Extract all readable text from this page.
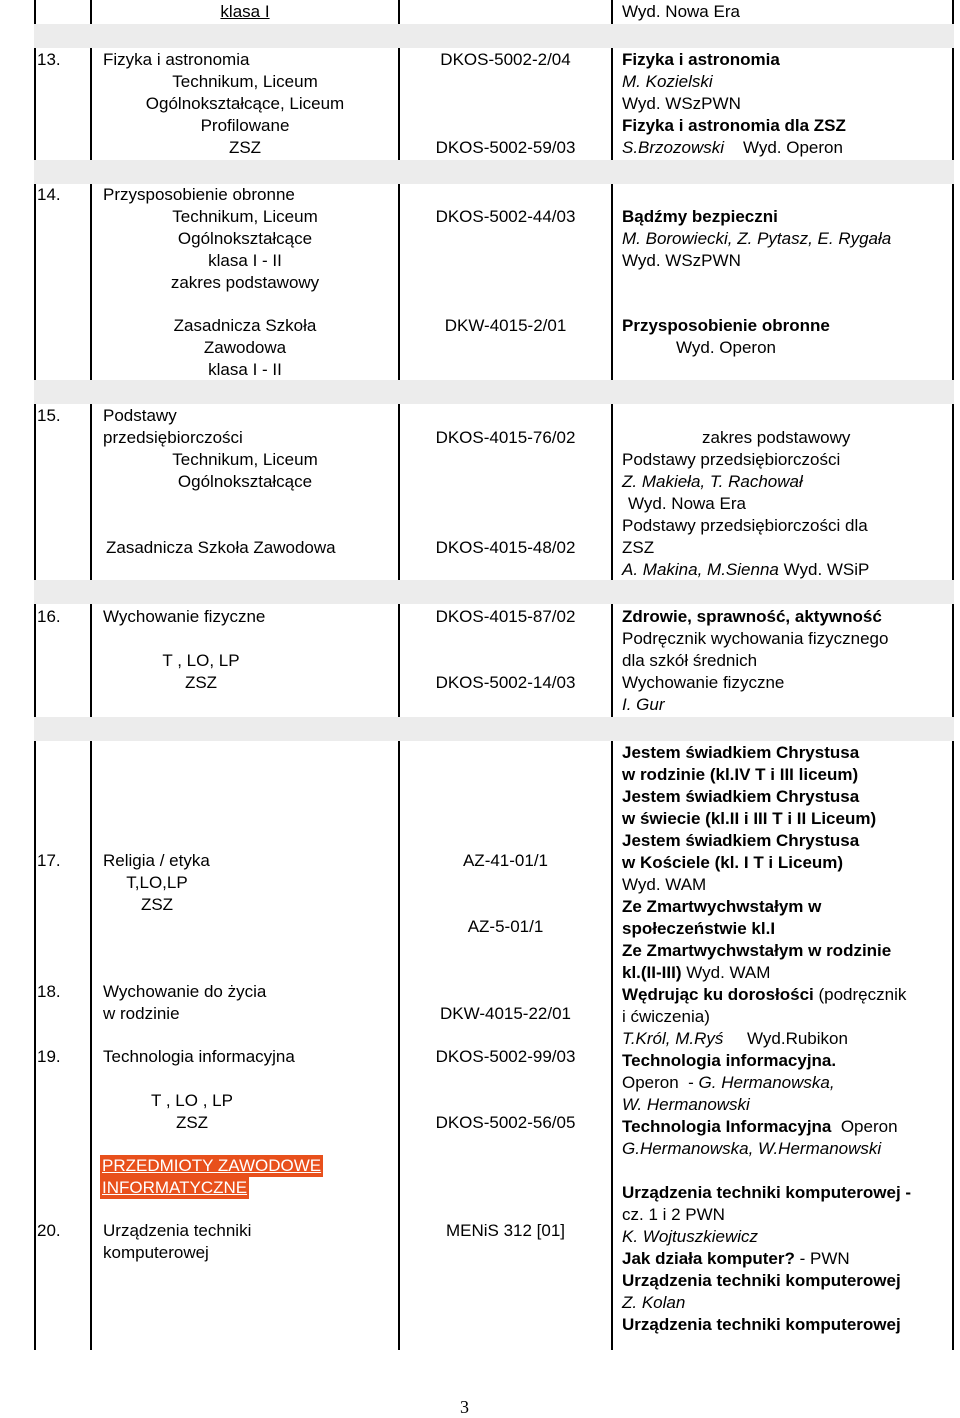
klasa I	Wyd. Nowa Era
13. Fizyka i astronomia
Technikum, Liceum
Ogólnokształcące, Liceum
Profilowane
ZSZ
DKOS-5002-2/04
DKOS-5002-59/03
Fizyka i astronomia
M. Kozielski
Wyd. WSzPWN
Fizyka i astronomia dla ZSZ
S.Brzozowski Wyd. Operon
14. Przysposobienie obronne
Technikum, Liceum
Ogólnokształcące
klasa I - II
zakres podstawowy
Zasadnicza Szkoła
Zawodowa
klasa I - II
DKOS-5002-44/03
DKW-4015-2/01
Bądźmy bezpieczni
M. Borowiecki, Z. Pytasz, E. Rygała
Wyd. WSzPWN
Przysposobienie obronne
Wyd. Operon
15. Podstawy
przedsiębiorczości
Technikum, Liceum
Ogólnokształcące
Zasadnicza Szkoła Zawodowa
DKOS-4015-76/02
DKOS-4015-48/02
zakres podstawowy
Podstawy przedsiębiorczości
Z. Makieła, T. Rachował
Wyd. Nowa Era
Podstawy przedsiębiorczości dla
ZSZ
A. Makina, M.Sienna Wyd. WSiP
16. Wychowanie fizyczne
T , LO, LP
ZSZ
DKOS-4015-87/02
DKOS-5002-14/03
Zdrowie, sprawność, aktywność
Podręcznik wychowania fizycznego
dla szkół średnich
Wychowanie fizyczne
I. Gur
17. Religia / etyka
T,LO,LP
ZSZ
AZ-41-01/1
AZ-5-01/1
18. Wychowanie do życia
w rodzinie	DKW-4015-22/01
19. Technologia informacyjna
T , LO , LP
ZSZ
DKOS-5002-99/03
DKOS-5002-56/05
PRZEDMIOTY ZAWODOWE
INFORMATYCZNE
20. Urządzenia techniki
komputerowej
MENiS 312 [01]
Jestem świadkiem Chrystusa
w rodzinie (kl.IV T i III liceum)
Jestem świadkiem Chrystusa
w świecie (kl.II i III T i II Liceum)
Jestem świadkiem Chrystusa
w Kościele (kl. I T i Liceum)
Wyd. WAM
Ze Zmartwychwstałym w
społeczeństwie kl.I
Ze Zmartwychwstałym w rodzinie
kl.(II-III) Wyd. WAM
Wędrując ku dorosłości (podręcznik
i ćwiczenia)
T.Król, M.Ryś     Wyd.Rubikon
Technologia informacyjna.
Operon  - G. Hermanowska,
W. Hermanowski
Technologia Informacyjna  Operon
G.Hermanowska, W.Hermanowski
Urządzenia techniki komputerowej -
cz. 1 i 2 PWN
K. Wojtuszkiewicz
Jak działa komputer? - PWN
Urządzenia techniki komputerowej
Z. Kolan
Urządzenia techniki komputerowej
3
